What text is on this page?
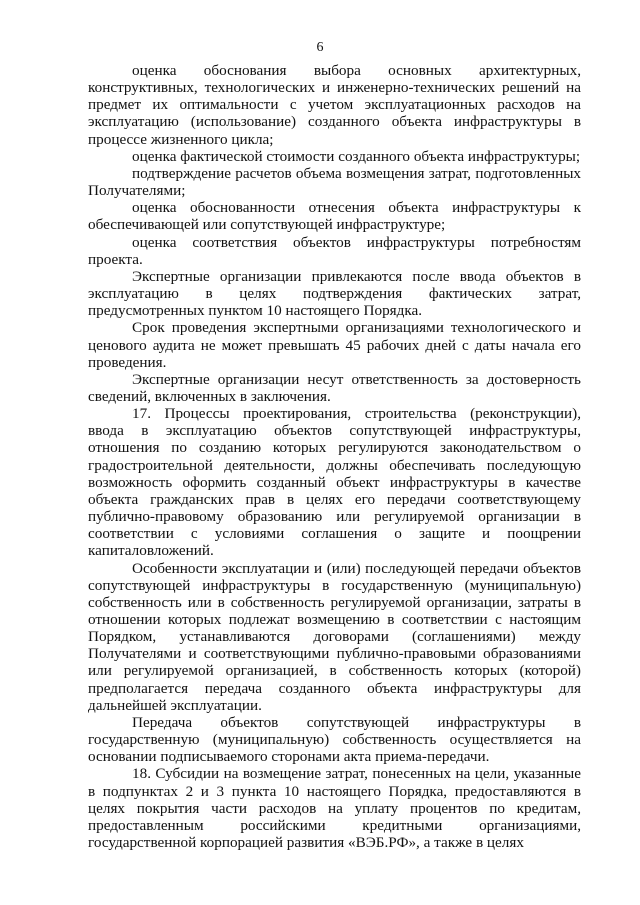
6

оценка обоснования выбора основных архитектурных, конструктивных, технологических и инженерно-технических решений на предмет их оптимальности с учетом эксплуатационных расходов на эксплуатацию (использование) созданного объекта инфраструктуры в процессе жизненного цикла;

оценка фактической стоимости созданного объекта инфраструктуры;

подтверждение расчетов объема возмещения затрат, подготовленных Получателями;

оценка обоснованности отнесения объекта инфраструктуры к обеспечивающей или сопутствующей инфраструктуре;

оценка соответствия объектов инфраструктуры потребностям проекта.

Экспертные организации привлекаются после ввода объектов в эксплуатацию в целях подтверждения фактических затрат, предусмотренных пунктом 10 настоящего Порядка.

Срок проведения экспертными организациями технологического и ценового аудита не может превышать 45 рабочих дней с даты начала его проведения.

Экспертные организации несут ответственность за достоверность сведений, включенных в заключения.

17. Процессы проектирования, строительства (реконструкции), ввода в эксплуатацию объектов сопутствующей инфраструктуры, отношения по созданию которых регулируются законодательством о градостроительной деятельности, должны обеспечивать последующую возможность оформить созданный объект инфраструктуры в качестве объекта гражданских прав в целях его передачи соответствующему публично-правовому образованию или регулируемой организации в соответствии с условиями соглашения о защите и поощрении капиталовложений.

Особенности эксплуатации и (или) последующей передачи объектов сопутствующей инфраструктуры в государственную (муниципальную) собственность или в собственность регулируемой организации, затраты в отношении которых подлежат возмещению в соответствии с настоящим Порядком, устанавливаются договорами (соглашениями) между Получателями и соответствующими публично-правовыми образованиями или регулируемой организацией, в собственность которых (которой) предполагается передача созданного объекта инфраструктуры для дальнейшей эксплуатации.

Передача объектов сопутствующей инфраструктуры в государственную (муниципальную) собственность осуществляется на основании подписываемого сторонами акта приема-передачи.

18. Субсидии на возмещение затрат, понесенных на цели, указанные в подпунктах 2 и 3 пункта 10 настоящего Порядка, предоставляются в целях покрытия части расходов на уплату процентов по кредитам, предоставленным российскими кредитными организациями, государственной корпорацией развития «ВЭБ.РФ», а также в целях
